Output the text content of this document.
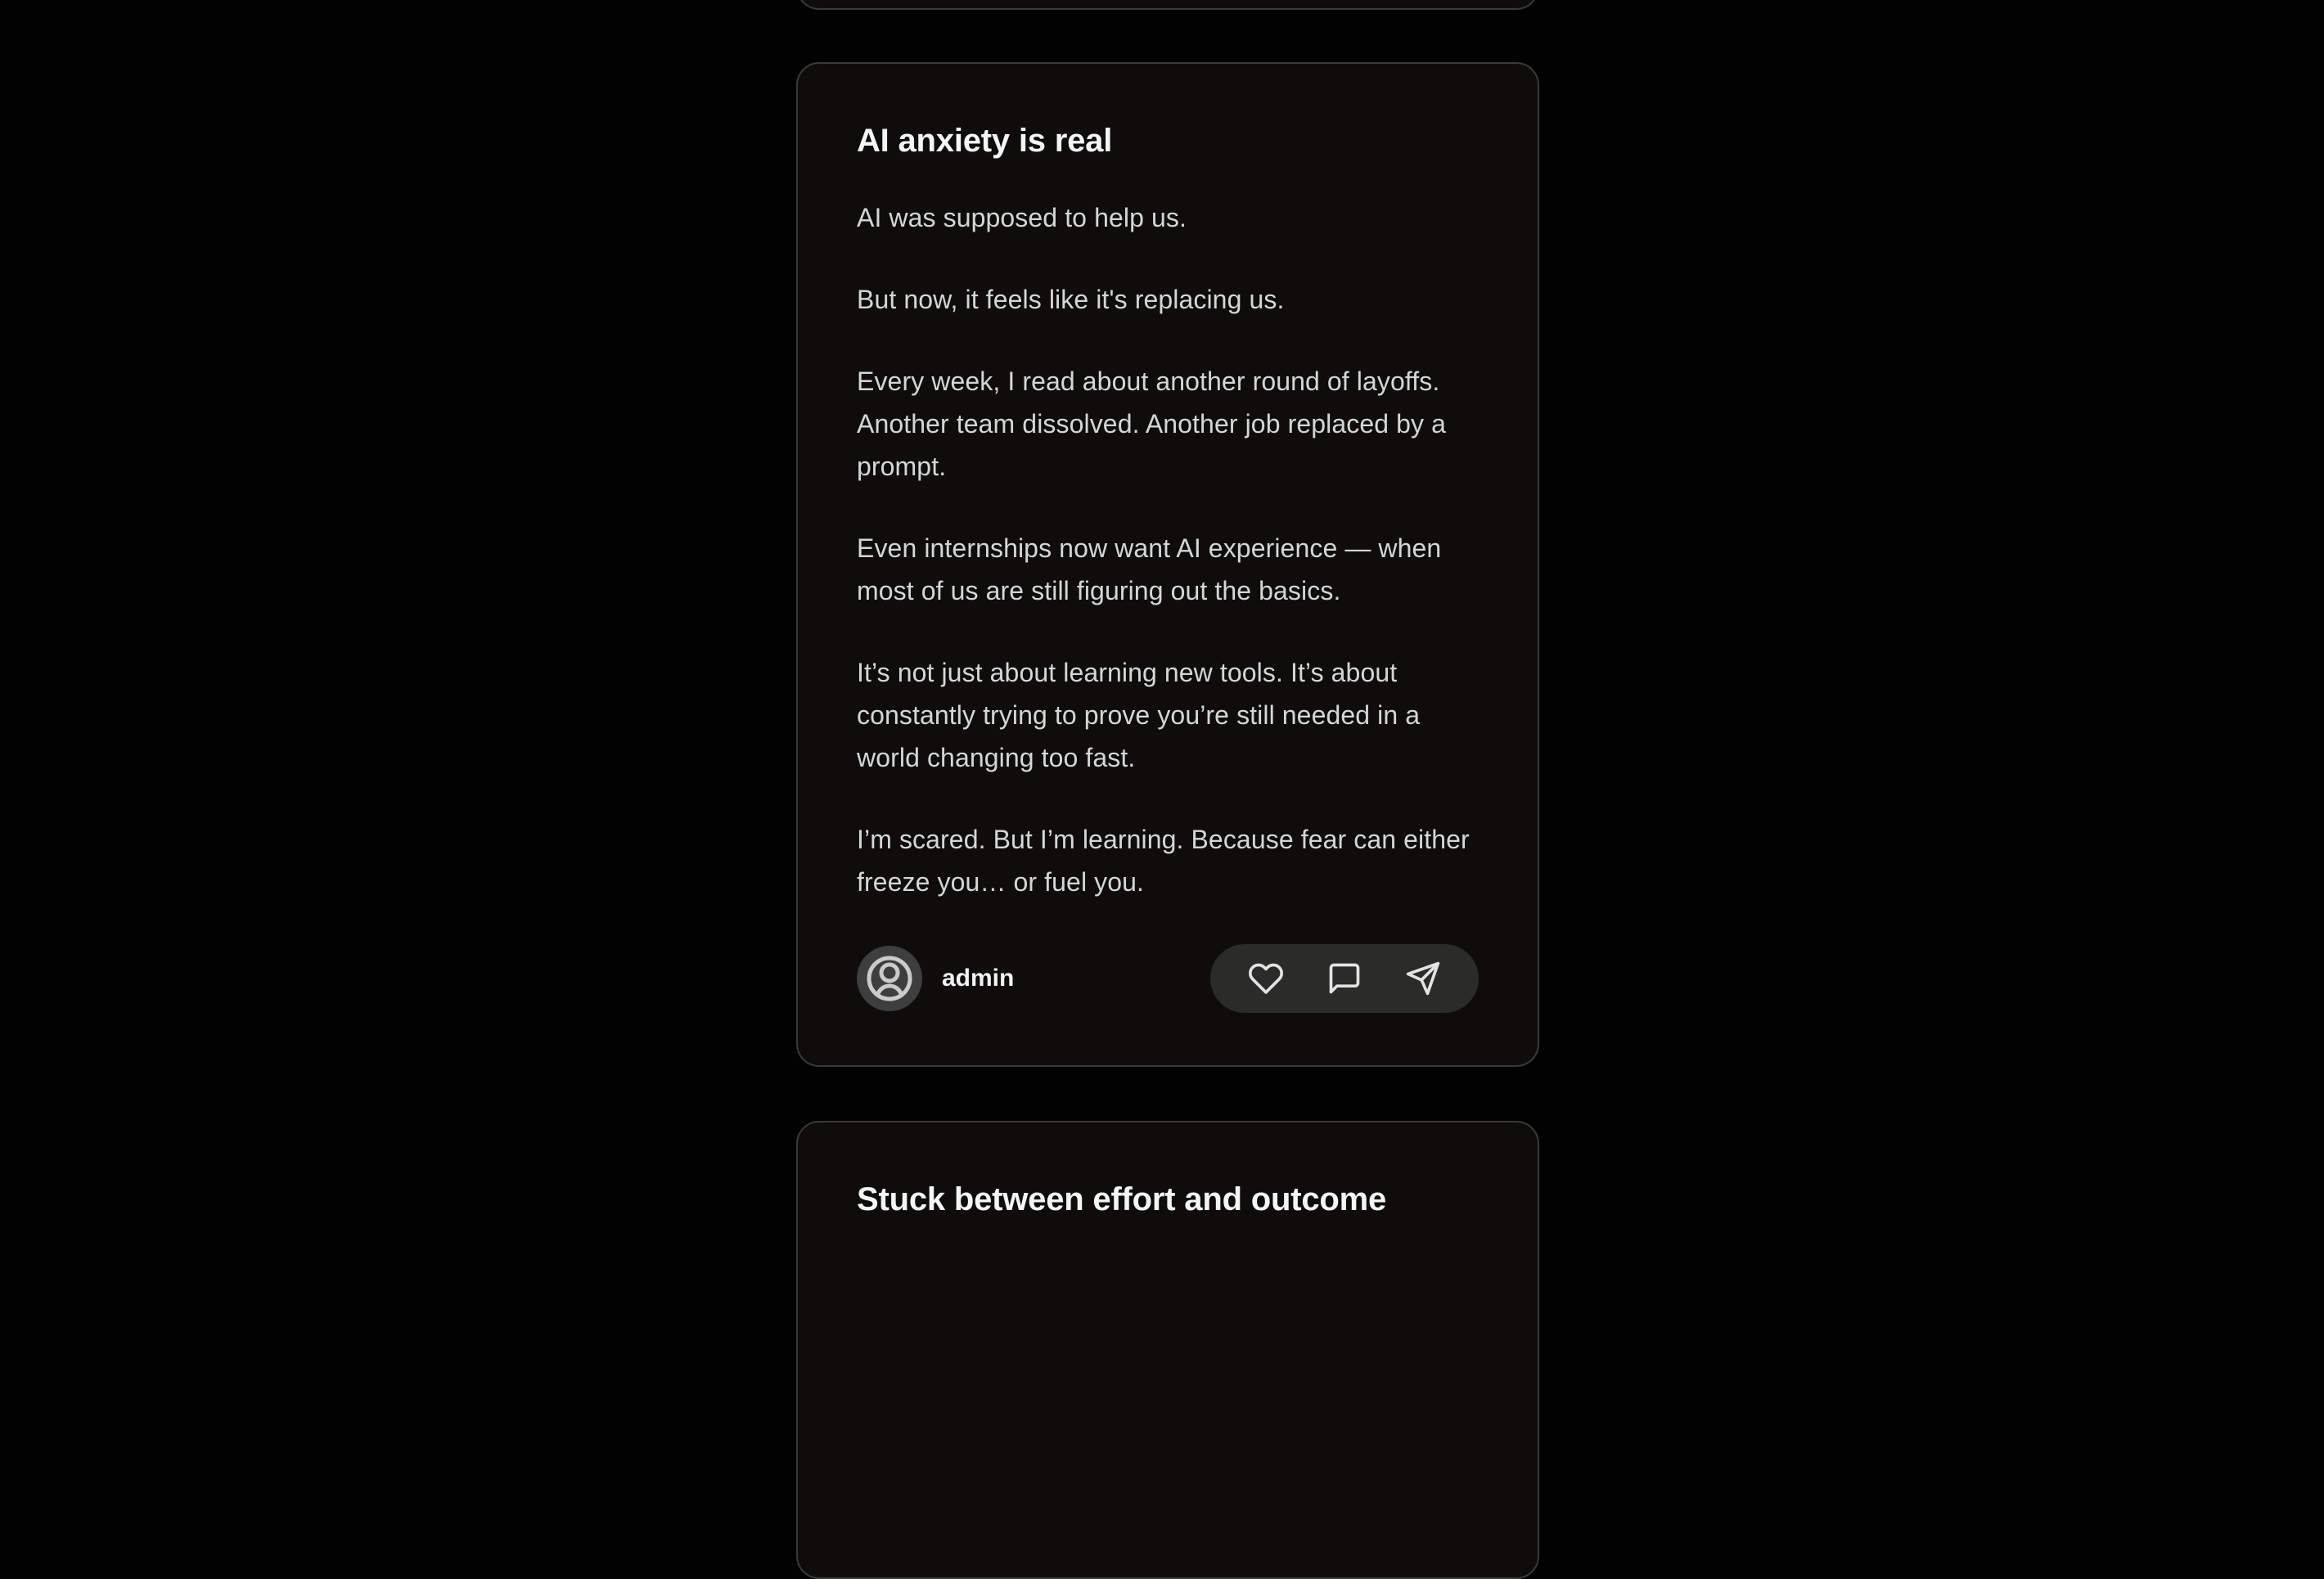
AI anxiety is real

AI was supposed to help us.

But now, it feels like it's replacing us.

Every week, I read about another round of layoffs. Another team dissolved. Another job replaced by a prompt.

Even internships now want AI experience — when most of us are still figuring out the basics.

It’s not just about learning new tools. It’s about constantly trying to prove you’re still needed in a world changing too fast.

I’m scared. But I’m learning. Because fear can either freeze you… or fuel you.

admin
Stuck between effort and outcome
